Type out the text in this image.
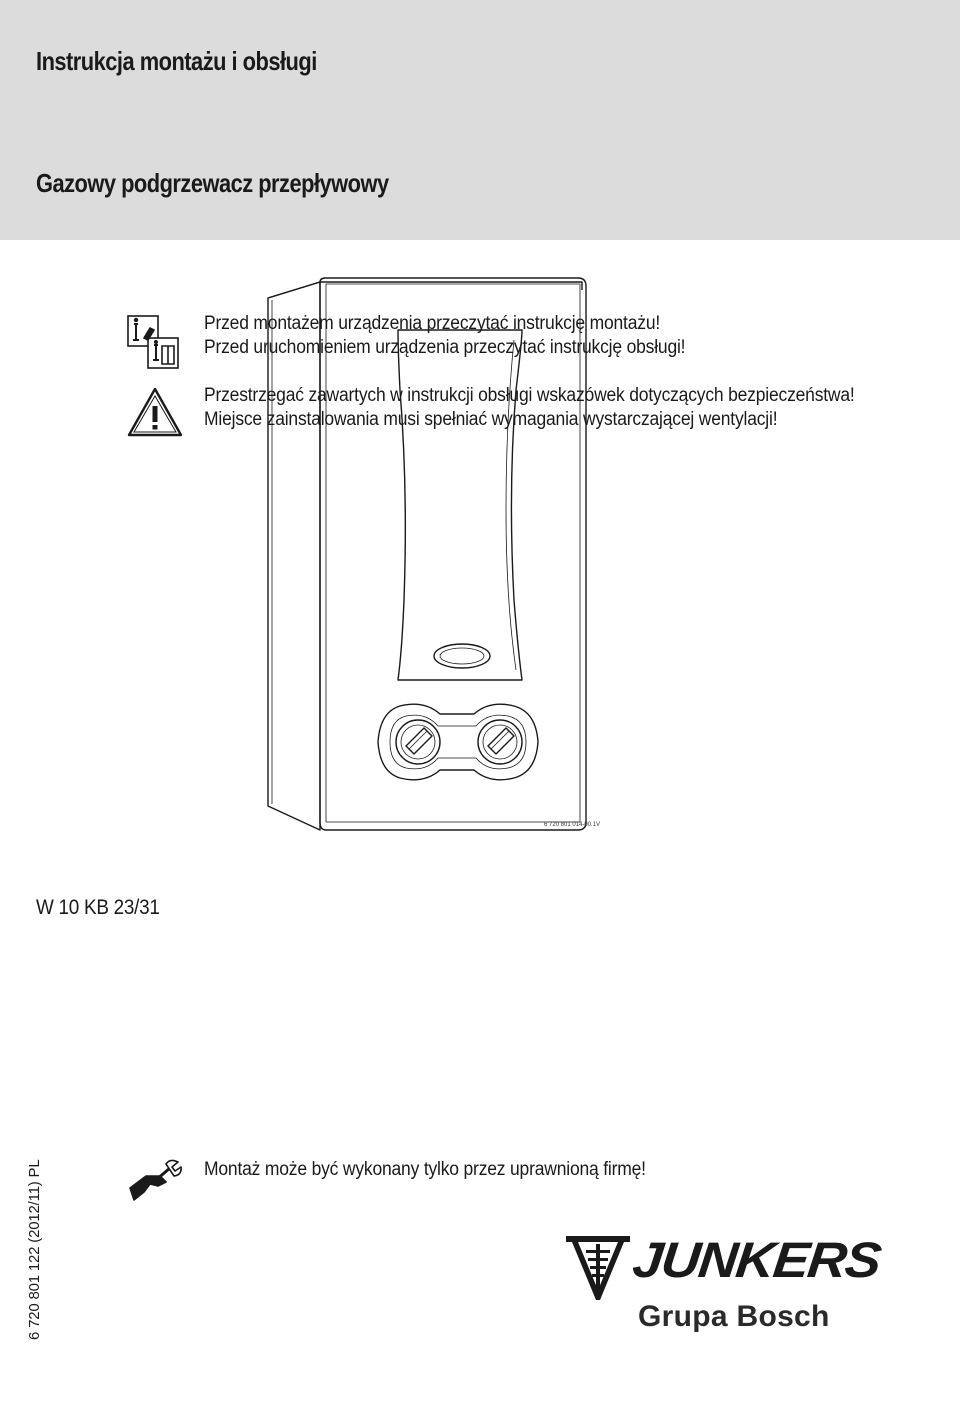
Instrukcja montażu i obsługi
Gazowy podgrzewacz przepływowy
6 720 801 014-00.1V
W 10 KB 23/31
Przed montażem urządzenia przeczytać instrukcję montażu!
Przed uruchomieniem urządzenia przeczytać instrukcję obsługi!
Przestrzegać zawartych w instrukcji obsługi wskazówek dotyczących bezpieczeństwa!
Miejsce zainstalowania musi spełniać wymagania wystarczającej wentylacji!
Montaż może być wykonany tylko przez uprawnioną firmę!
6 720 801 122 (2012/11) PL	JUNKERS
Grupa Bosch
